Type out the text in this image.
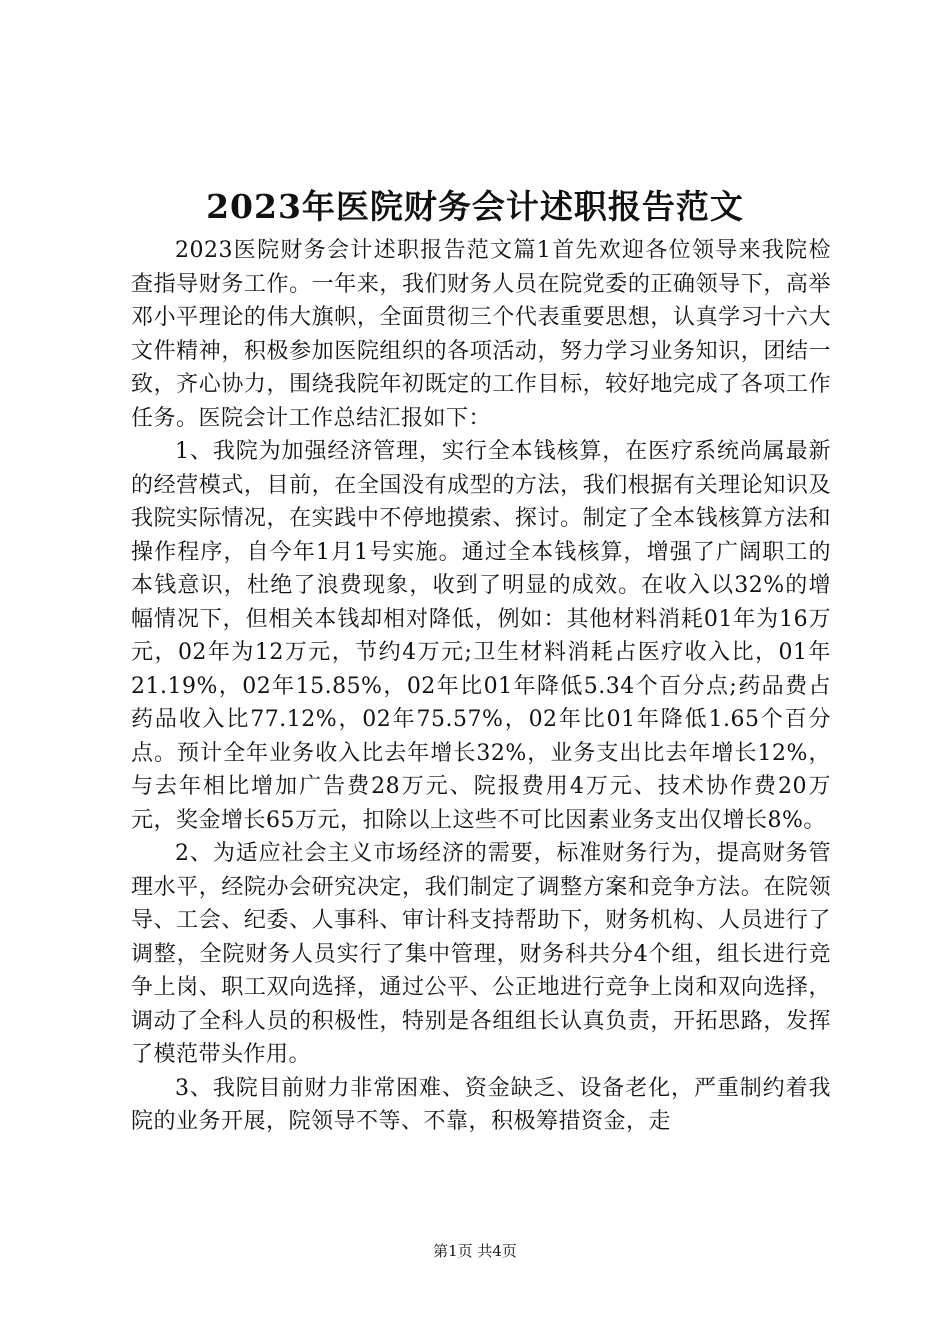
2023年医院财务会计述职报告范文

2023医院财务会计述职报告范文篇1首先欢迎各位领导来我院检查指导财务工作。一年来，我们财务人员在院党委的正确领导下，高举邓小平理论的伟大旗帜，全面贯彻三个代表重要思想，认真学习十六大文件精神，积极参加医院组织的各项活动，努力学习业务知识，团结一致，齐心协力，围绕我院年初既定的工作目标，较好地完成了各项工作任务。医院会计工作总结汇报如下：

1、我院为加强经济管理，实行全本钱核算，在医疗系统尚属最新的经营模式，目前，在全国没有成型的方法，我们根据有关理论知识及我院实际情况，在实践中不停地摸索、探讨。制定了全本钱核算方法和操作程序，自今年1月1号实施。通过全本钱核算，增强了广阔职工的本钱意识，杜绝了浪费现象，收到了明显的成效。在收入以32%的增幅情况下，但相关本钱却相对降低，例如：其他材料消耗01年为16万元，02年为12万元，节约4万元;卫生材料消耗占医疗收入比，01年21.19%，02年15.85%，02年比01年降低5.34个百分点;药品费占药品收入比77.12%，02年75.57%，02年比01年降低1.65个百分点。预计全年业务收入比去年增长32%，业务支出比去年增长12%，与去年相比增加广告费28万元、院报费用4万元、技术协作费20万元，奖金增长65万元，扣除以上这些不可比因素业务支出仅增长8%。

2、为适应社会主义市场经济的需要，标准财务行为，提高财务管理水平，经院办会研究决定，我们制定了调整方案和竞争方法。在院领导、工会、纪委、人事科、审计科支持帮助下，财务机构、人员进行了调整，全院财务人员实行了集中管理，财务科共分4个组，组长进行竞争上岗、职工双向选择，通过公平、公正地进行竞争上岗和双向选择，调动了全科人员的积极性，特别是各组组长认真负责，开拓思路，发挥了模范带头作用。

3、我院目前财力非常困难、资金缺乏、设备老化，严重制约着我院的业务开展，院领导不等、不靠，积极筹措资金，走

第1页 共4页
